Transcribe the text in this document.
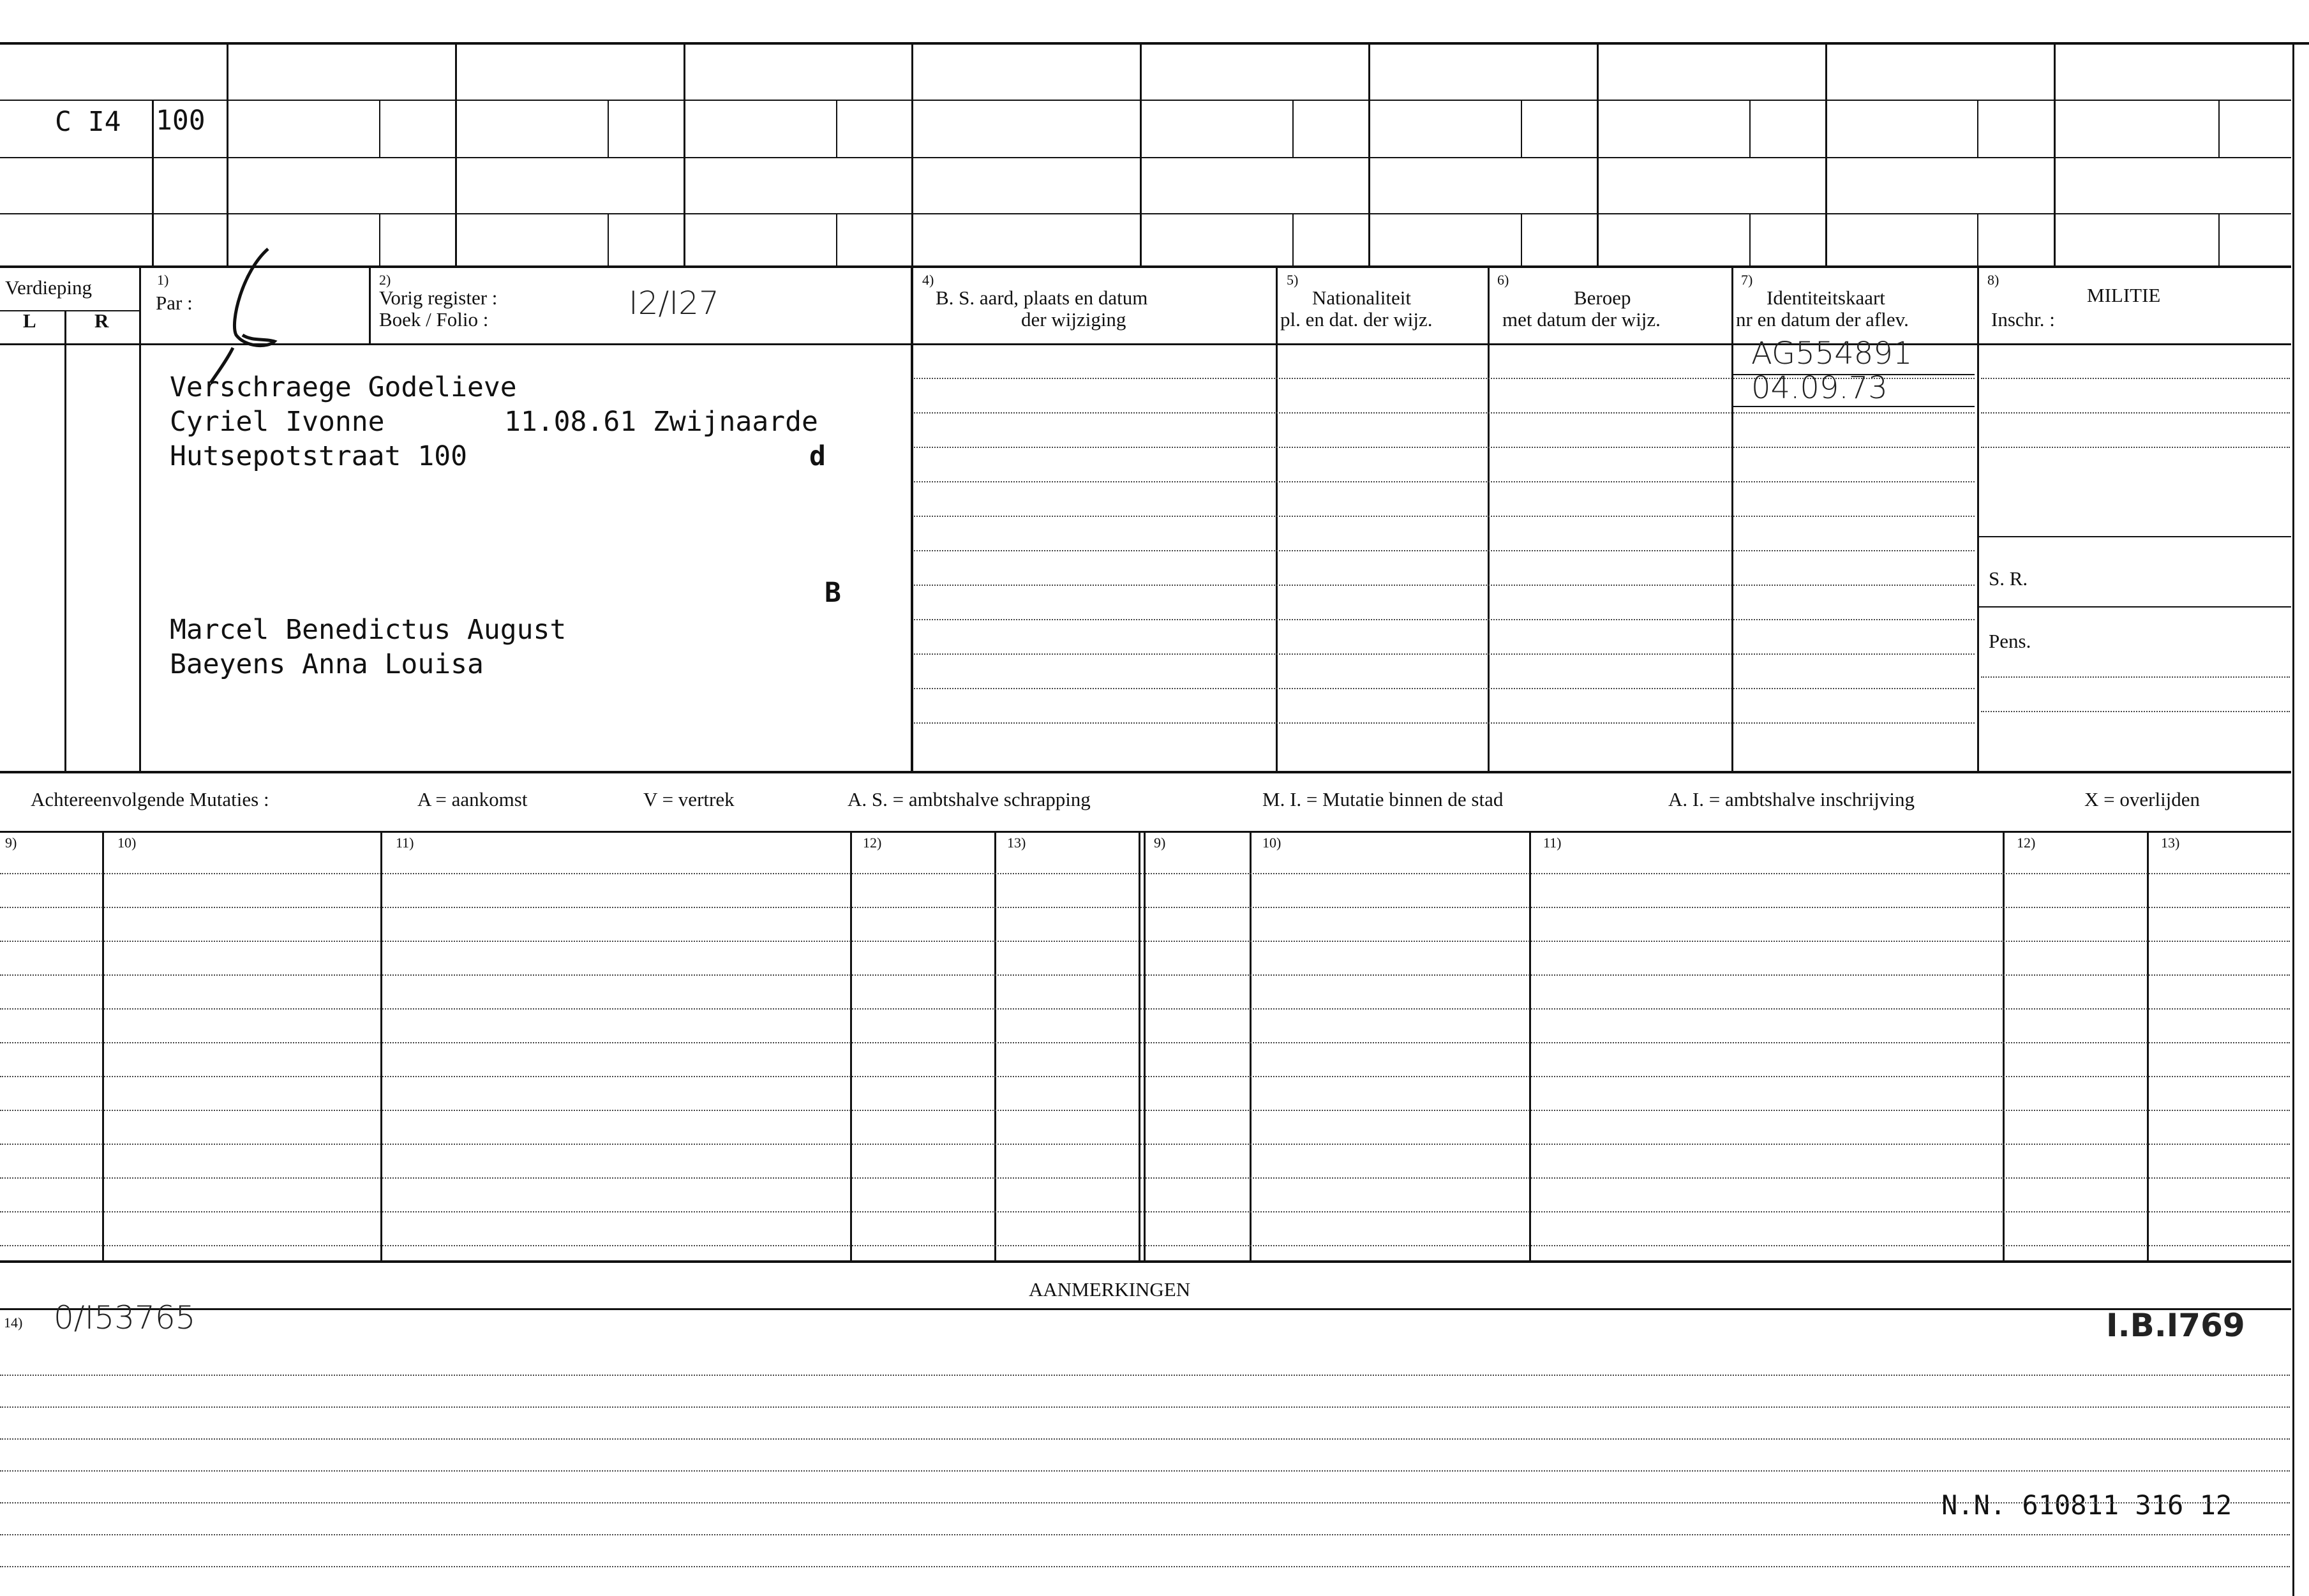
C I4 100
Verdieping
L	R
1)
Par :
2)
Vorig register :
Boek / Folio :	I2/I27
4)
B. S. aard, plaats en datum
der wijziging
5)
Nationaliteit
pl. en dat. der wijz.
6)
Beroep
met datum der wijz.
7)
Identiteitskaart
nr en datum der aflev.
8)
MILITIE
Inschr. :
AG554891
04.09.73
S. R.
Pens.
Verschraege Godelieve
Cyriel Ivonne	11.08.61 Zwijnaarde
Hutsepotstraat 100	d
B
Marcel Benedictus August
Baeyens Anna Louisa
Achtereenvolgende Mutaties :	A = aankomst	V = vertrek	A. S. = ambtshalve schrapping	M. I. = Mutatie binnen de stad	A. I. = ambtshalve inschrijving	X = overlijden
9)	10)	11)	12)	13)	9)	10)	11)	12)	13)
AANMERKINGEN
14) 0/I53765	I.B.I769
N.N. 610811 316 12
